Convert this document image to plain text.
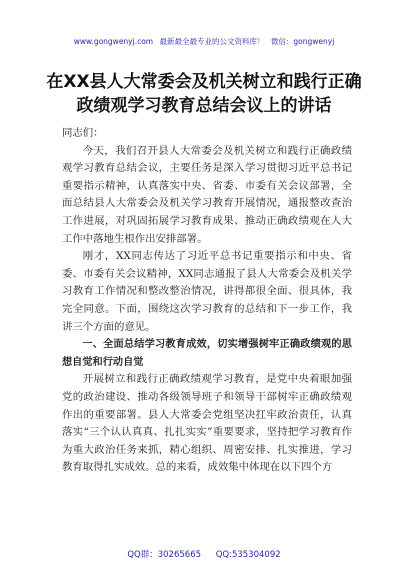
www.gongwenyj.com 最新最全最专业的公文资料库！ 微信：gongwenyj
在XX县人大常委会及机关树立和践行正确政绩观学习教育总结会议上的讲话

同志们：

今天，我们召开县人大常委会及机关树立和践行正确政绩观学习教育总结会议，主要任务是深入学习贯彻习近平总书记重要指示精神，认真落实中央、省委、市委有关会议部署，全面总结县人大常委会及机关学习教育开展情况，通报整改查治工作进展，对巩固拓展学习教育成果、推动正确政绩观在人大工作中落地生根作出安排部署。

刚才，XX同志传达了习近平总书记重要指示和中央、省委、市委有关会议精神，XX同志通报了县人大常委会及机关学习教育工作情况和整改整治情况，讲得都很全面、很具体，我完全同意。下面，围绕这次学习教育的总结和下一步工作，我讲三个方面的意见。

一、全面总结学习教育成效，切实增强树牢正确政绩观的思想自觉和行动自觉

开展树立和践行正确政绩观学习教育，是党中央着眼加强党的政治建设、推动各级领导班子和领导干部树牢正确政绩观作出的重要部署。县人大常委会党组坚决扛牢政治责任，认真落实“三个认认真真、扎扎实实”重要要求，坚持把学习教育作为重大政治任务来抓，精心组织、周密安排、扎实推进，学习教育取得扎实成效。总的来看，成效集中体现在以下四个方

QQ群：30265665 QQ:535304092
